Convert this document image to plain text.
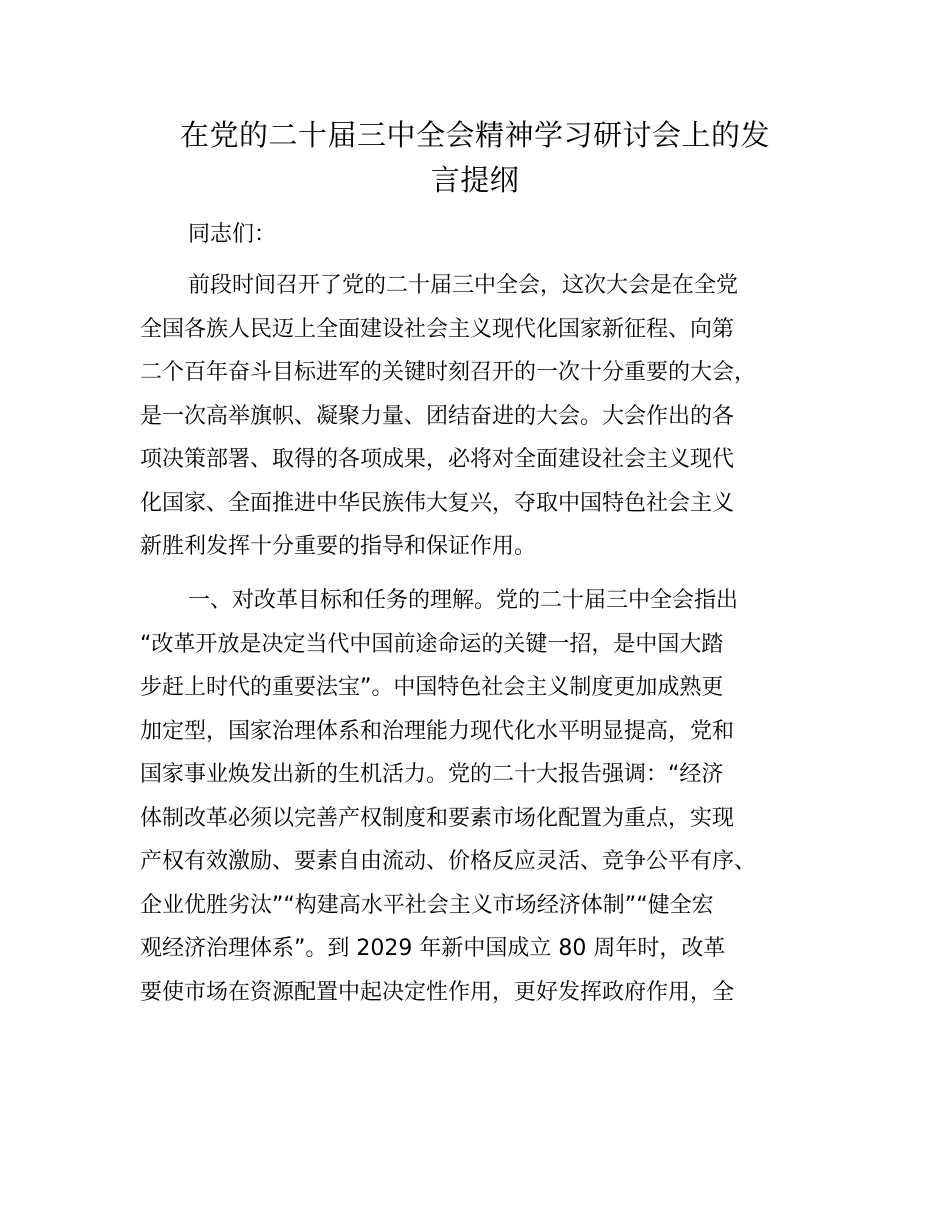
在党的二十届三中全会精神学习研讨会上的发
言提纲

同志们：

前段时间召开了党的二十届三中全会，这次大会是在全党
全国各族人民迈上全面建设社会主义现代化国家新征程、向第
二个百年奋斗目标进军的关键时刻召开的一次十分重要的大会，
是一次高举旗帜、凝聚力量、团结奋进的大会。大会作出的各
项决策部署、取得的各项成果，必将对全面建设社会主义现代
化国家、全面推进中华民族伟大复兴，夺取中国特色社会主义
新胜利发挥十分重要的指导和保证作用。

一、对改革目标和任务的理解。党的二十届三中全会指出
“改革开放是决定当代中国前途命运的关键一招，是中国大踏
步赶上时代的重要法宝”。中国特色社会主义制度更加成熟更
加定型，国家治理体系和治理能力现代化水平明显提高，党和
国家事业焕发出新的生机活力。党的二十大报告强调：“经济
体制改革必须以完善产权制度和要素市场化配置为重点，实现
产权有效激励、要素自由流动、价格反应灵活、竞争公平有序、
企业优胜劣汰”“构建高水平社会主义市场经济体制”“健全宏
观经济治理体系”。到 2029 年新中国成立 80 周年时，改革
要使市场在资源配置中起决定性作用，更好发挥政府作用，全
